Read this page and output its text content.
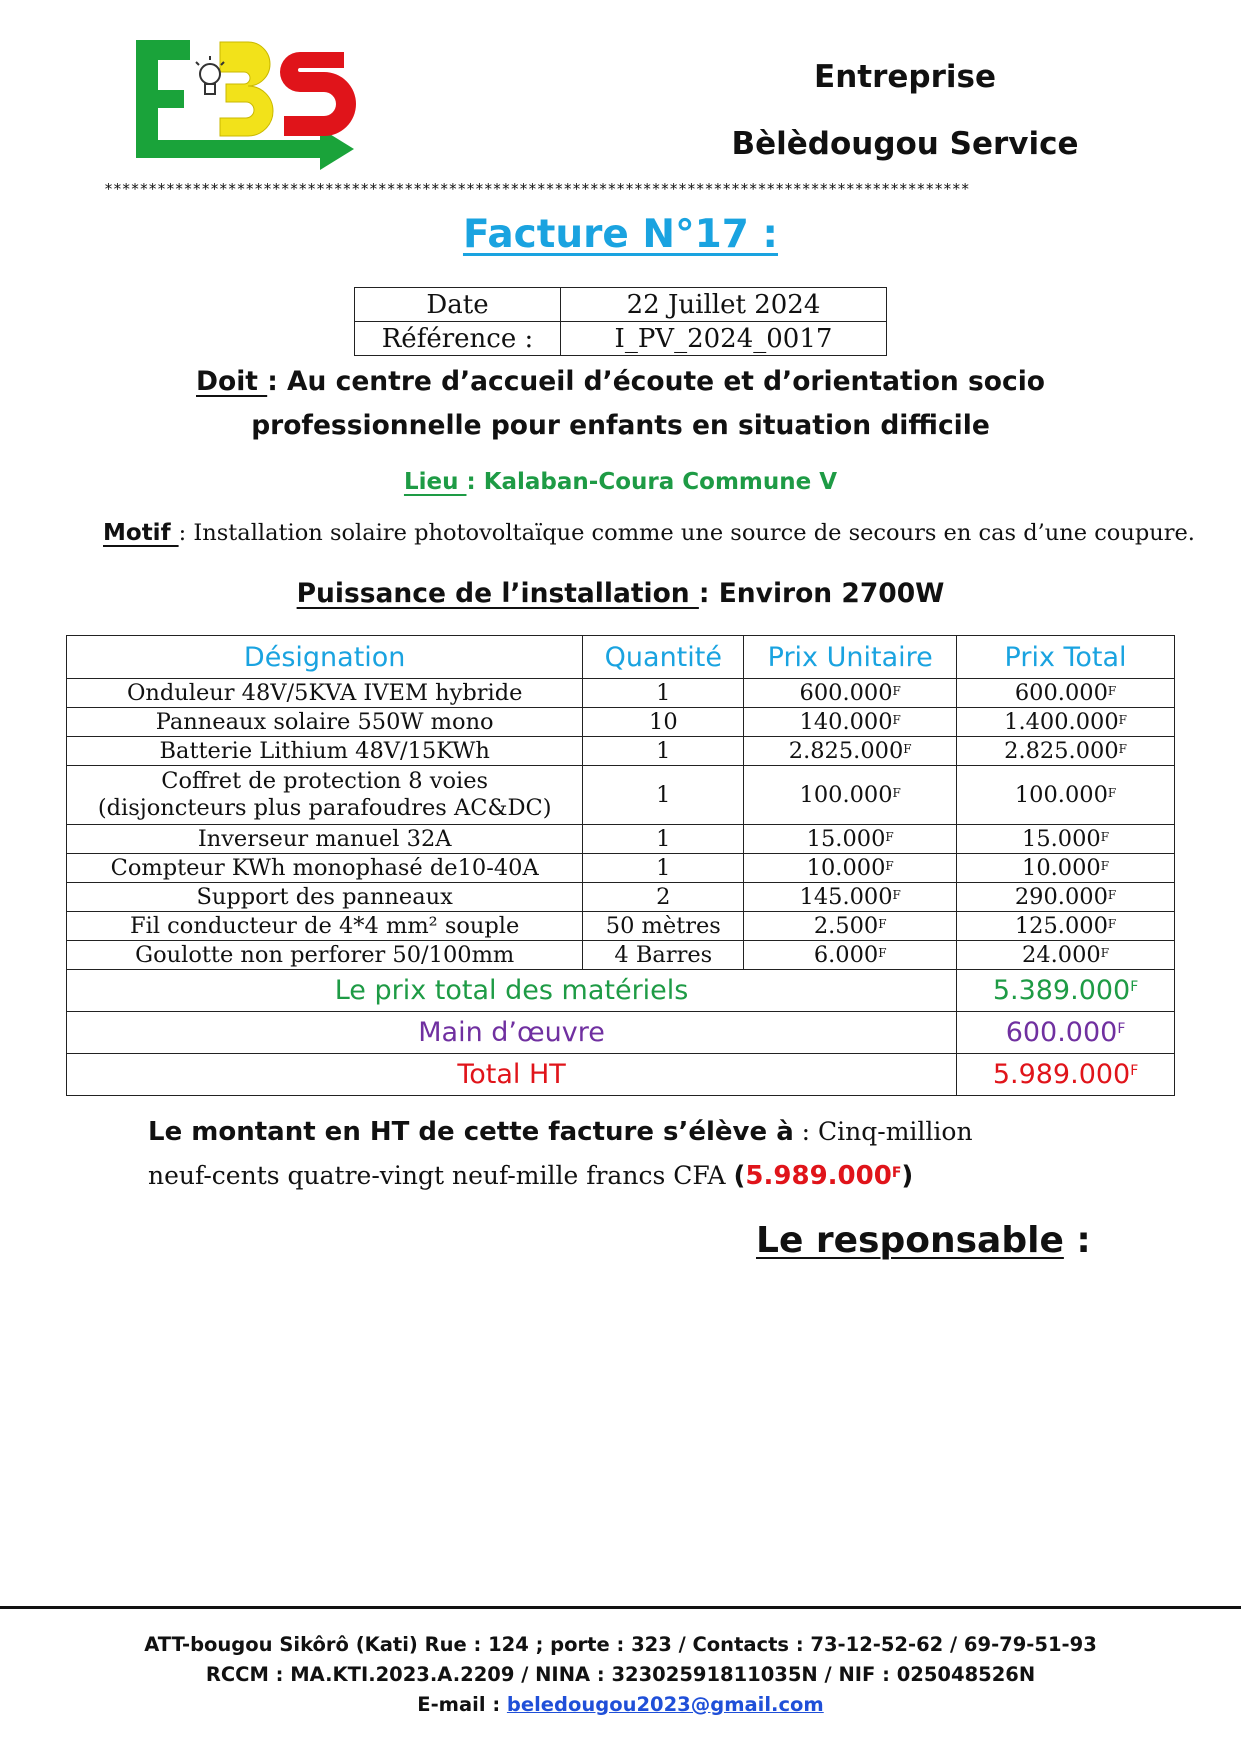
Entreprise
Bèlèdougou Service
**************************************************************************************************
Facture N°17 :
Date	22 Juillet 2024
Référence :	I_PV_2024_0017
Doit : Au centre d’accueil d’écoute et d’orientation socio
professionnelle pour enfants en situation difficile
Lieu : Kalaban-Coura Commune V
Motif : Installation solaire photovoltaïque comme une source de secours en cas d’une coupure.
Puissance de l’installation : Environ 2700W
Désignation	Quantité	Prix Unitaire	Prix Total

Onduleur 48V/5KVA IVEM hybride	1	$600.000^F$	$600.000^F$

Panneaux solaire 550W mono	10	$140.000^F$	$1.400.000^F$

Batterie Lithium 48V/15KWh	1	$2.825.000^F$	$2.825.000^F$

Coffret de protection 8 voies
(disjoncteurs plus parafoudres AC&DC)	1	$100.000^F$	$100.000^F$

Inverseur manuel 32A	1	$15.000^F$	$15.000^F$

Compteur KWh monophasé de10-40A	1	$10.000^F$	$10.000^F$

Support des panneaux	2	$145.000^F$	$290.000^F$

Fil conducteur de 4*4 mm² souple	50 mètres	$2.500^F$	$125.000^F$

Goulotte non perforer 50/100mm	4 Barres	$6.000^F$	$24.000^F$
Le prix total des matériels			$5.389.000^F$
Main d’œuvre			$600.000^F$
Total HT			$5.989.000^F$
Le montant en HT de cette facture s’élève à : Cinq-million
neuf-cents quatre-vingt neuf-mille francs CFA $(5.989.000^F)$
Le responsable :
ATT-bougou Sikôrô (Kati) Rue : 124 ; porte : 323 / Contacts : 73-12-52-62 / 69-79-51-93
RCCM : MA.KTI.2023.A.2209 / NINA : 32302591811035N / NIF : 025048526N
E-mail : beledougou2023@gmail.com
